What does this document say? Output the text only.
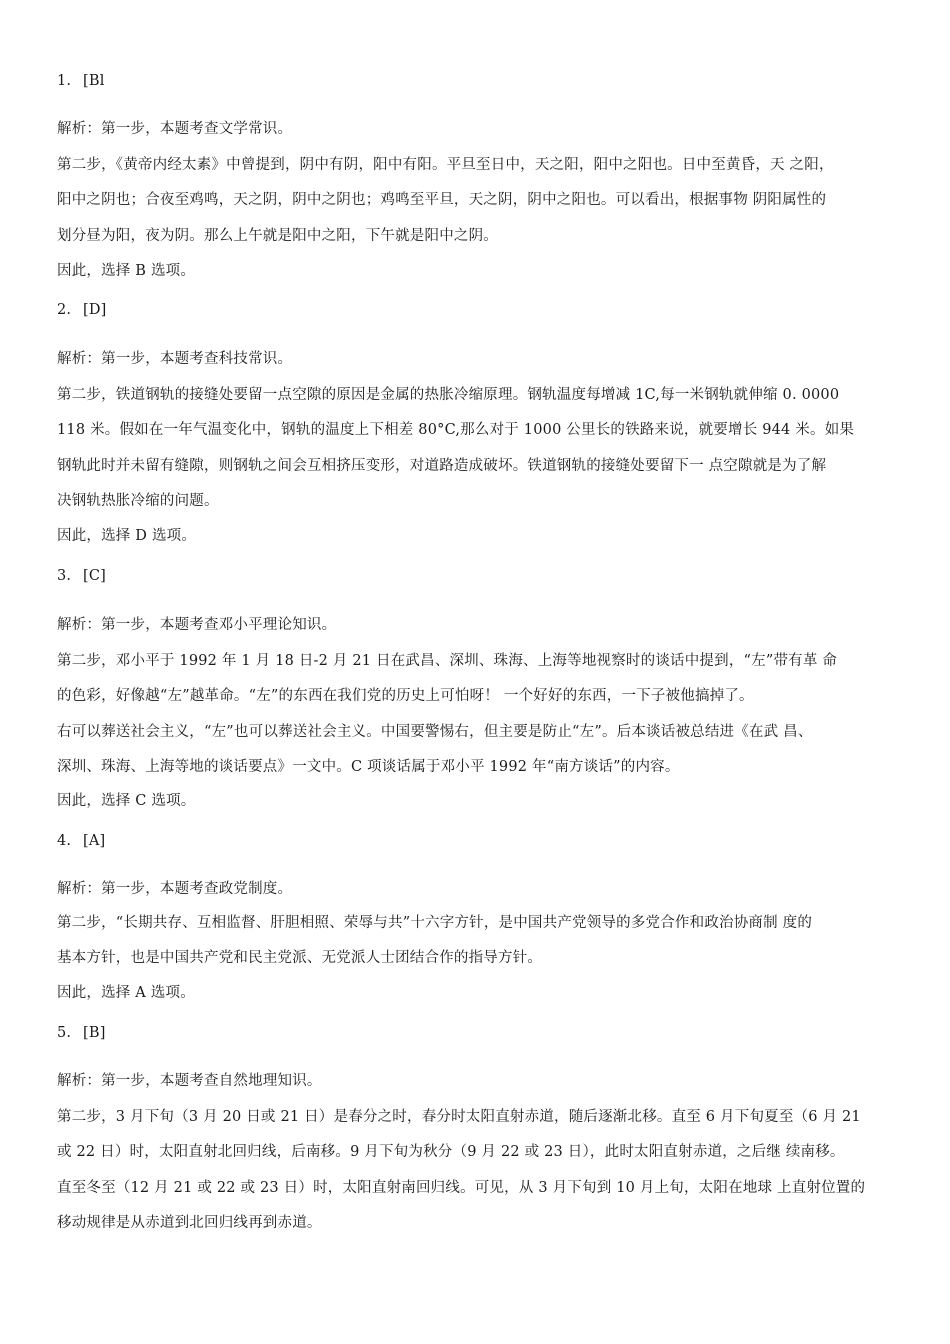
1. [Bl
解析：第一步，本题考查文学常识。
第二步，《黄帝内经太素》中曾提到，阴中有阴，阳中有阳。平旦至日中，天之阳，阳中之阳也。日中至黄昏，天 之阳，
阳中之阴也；合夜至鸡鸣，天之阴，阴中之阴也；鸡鸣至平旦，天之阴，阴中之阳也。可以看出，根据事物 阴阳属性的
划分昼为阳，夜为阴。那么上午就是阳中之阳，下午就是阳中之阴。
因此，选择 B 选项。
2. [D]
解析：第一步，本题考查科技常识。
第二步，铁道钢轨的接缝处要留一点空隙的原因是金属的热胀冷缩原理。钢轨温度每增减 1C,每一米钢轨就伸缩 0. 0000
118 米。假如在一年气温变化中，钢轨的温度上下相差 80°C,那么对于 1000 公里长的铁路来说，就要增长 944 米。如果
钢轨此时并未留有缝隙，则钢轨之间会互相挤压变形，对道路造成破坏。铁道钢轨的接缝处要留下一 点空隙就是为了解
决钢轨热胀冷缩的问题。
因此，选择 D 选项。
3. [C]
解析：第一步，本题考查邓小平理论知识。
第二步，邓小平于 1992 年 1 月 18 日-2 月 21 日在武昌、深圳、珠海、上海等地视察时的谈话中提到，“左”带有革 命
的色彩，好像越“左”越革命。“左”的东西在我们党的历史上可怕呀！ 一个好好的东西，一下子被他搞掉了。
右可以葬送社会主义，“左”也可以葬送社会主义。中国要警惕右，但主要是防止“左”。后本谈话被总结进《在武 昌、
深圳、珠海、上海等地的谈话要点》一文中。C 项谈话属于邓小平 1992 年“南方谈话”的内容。
因此，选择 C 选项。
4. [A]
解析：第一步，本题考查政党制度。
第二步，“长期共存、互相监督、肝胆相照、荣辱与共”十六字方针，是中国共产党领导的多党合作和政治协商制 度的
基本方针，也是中国共产党和民主党派、无党派人士团结合作的指导方针。
因此，选择 A 选项。
5. [B]
解析：第一步，本题考查自然地理知识。
第二步，3 月下旬（3 月 20 日或 21 日）是春分之时，春分时太阳直射赤道，随后逐渐北移。直至 6 月下旬夏至（6 月 21
或 22 日）时，太阳直射北回归线，后南移。9 月下旬为秋分（9 月 22 或 23 日），此时太阳直射赤道，之后继 续南移。
直至冬至（12 月 21 或 22 或 23 日）时，太阳直射南回归线。可见，从 3 月下旬到 10 月上旬，太阳在地球 上直射位置的
移动规律是从赤道到北回归线再到赤道。
